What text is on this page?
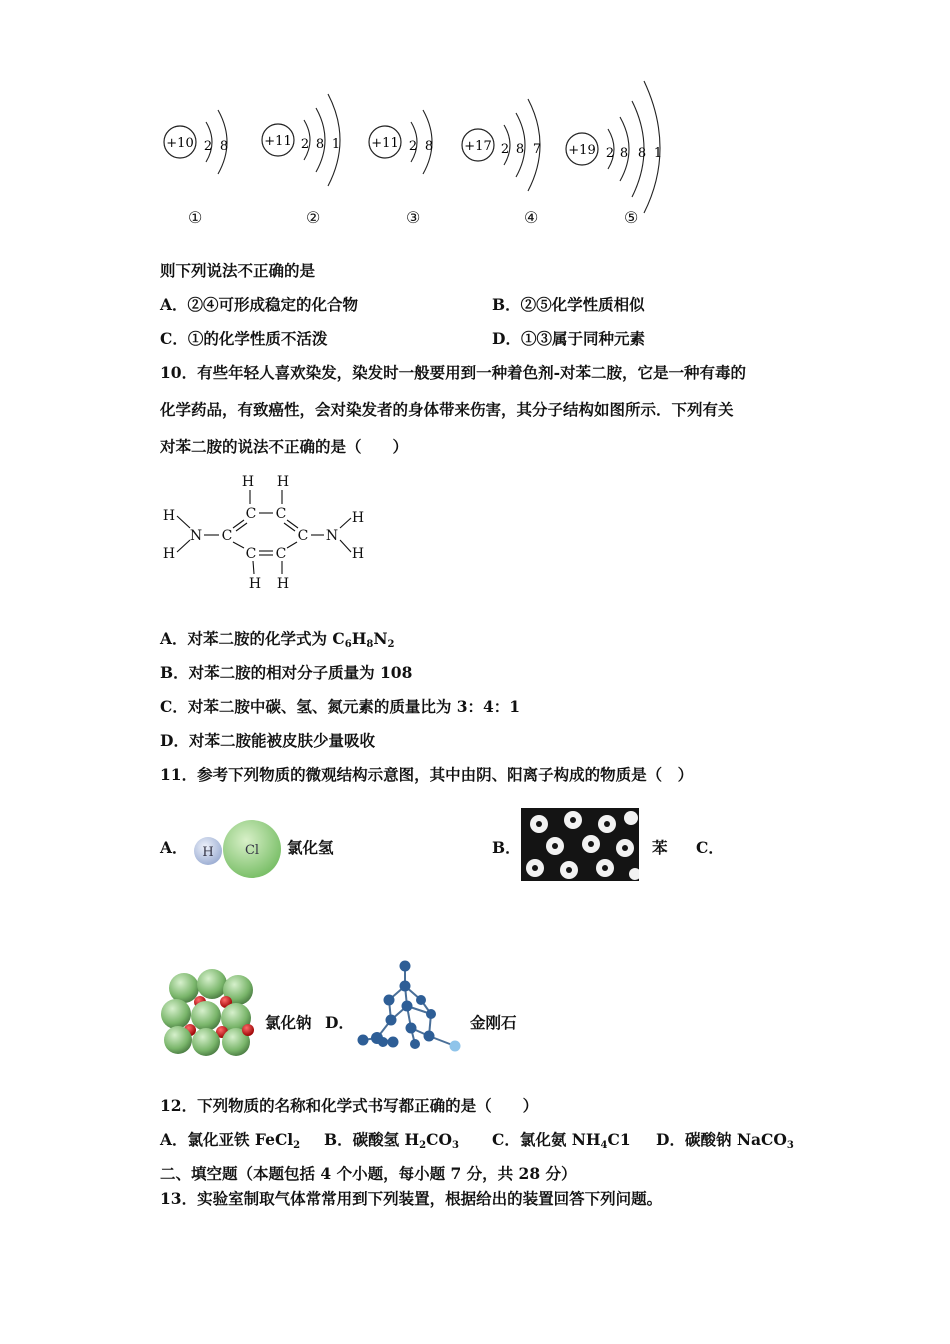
+10 2 8
①
+11 2 8 1
②
+11 2 8
③
+17 2 8 7
④
+19 2 8 8 1
⑤
则下列说法不正确的是
A．②④可形成稳定的化合物	B．②⑤化学性质相似
C．①的化学性质不活泼	D．①③属于同种元素
10．有些年轻人喜欢染发，染发时一般要用到一种着色剂-对苯二胺，它是一种有毒的
化学药品，有致癌性，会对染发者的身体带来伤害，其分子结构如图所示．下列有关
对苯二胺的说法不正确的是（　　）
H H
C C
C	C
C C
H H
N	N
H
H
H
H
A．对苯二胺的化学式为 $C_6H_8N_2$
B．对苯二胺的相对分子质量为 108
C．对苯二胺中碳、氢、氮元素的质量比为 3：4：1
D．对苯二胺能被皮肤少量吸收
11．参考下列物质的微观结构示意图，其中由阴、阳离子构成的物质是（　）
A． H Cl 氯化氢	B．	苯 C．
氯化钠 D．	金刚石
12．下列物质的名称和化学式书写都正确的是（　　）
A．氯化亚铁 FeCl$_2$ B．碳酸氢 $H_2CO_3$ C．氯化氨 $NH_4C1$ D．碳酸钠 NaCO$_3$
二、填空题（本题包括 4 个小题，每小题 7 分，共 28 分）
13．实验室制取气体常常用到下列装置，根据给出的装置回答下列问题。
